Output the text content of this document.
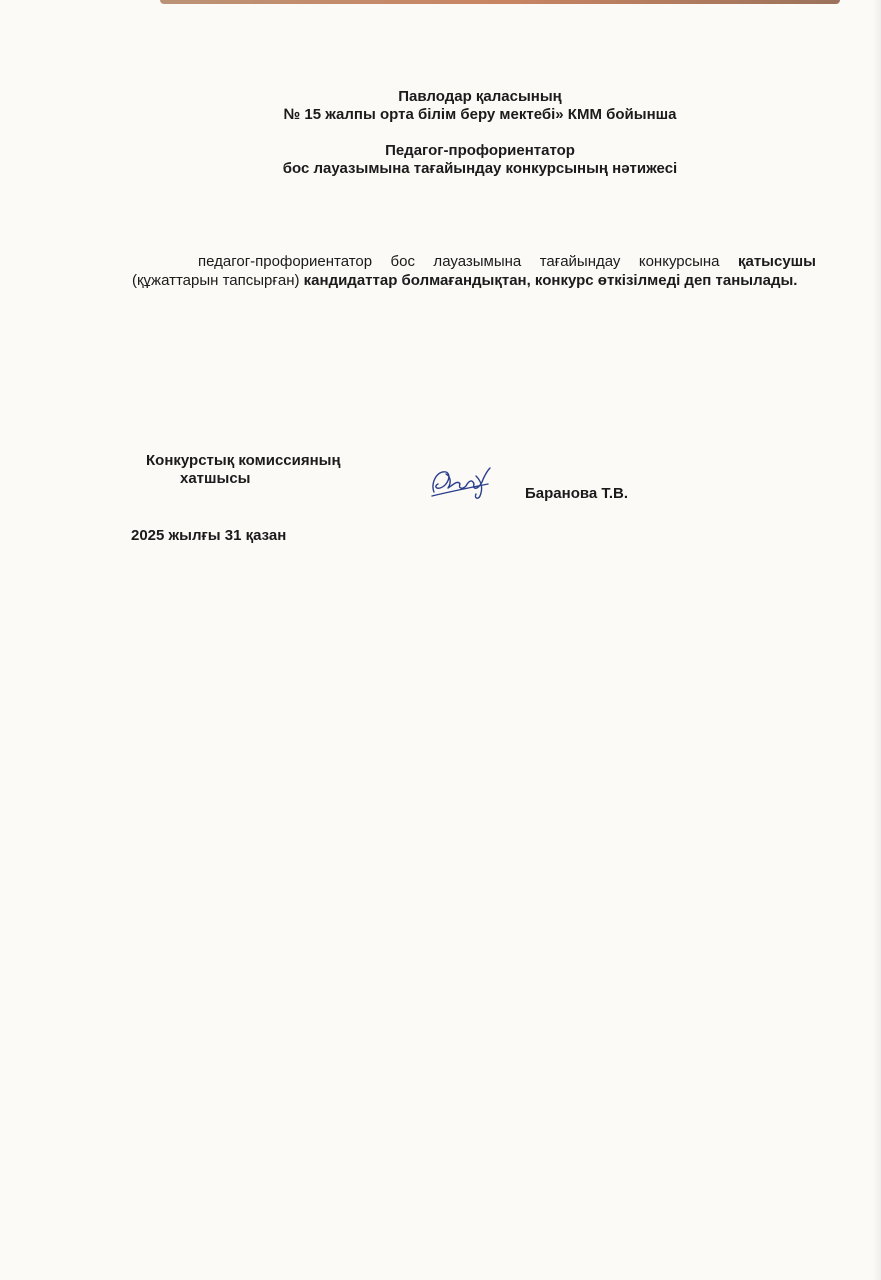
Павлодар қаласының
№ 15 жалпы орта білім беру мектебі» КММ бойынша
Педагог-профориентатор
бос лауазымына тағайындау конкурсының нәтижесі
педагог-профориентатор бос лауазымына тағайындау конкурсына қатысушы (құжаттарын тапсырған) кандидаттар болмағандықтан, конкурс өткізілмеді деп танылады.
Конкурстық комиссияның
хатшысы
Баранова Т.В.
2025 жылғы 31 қазан
